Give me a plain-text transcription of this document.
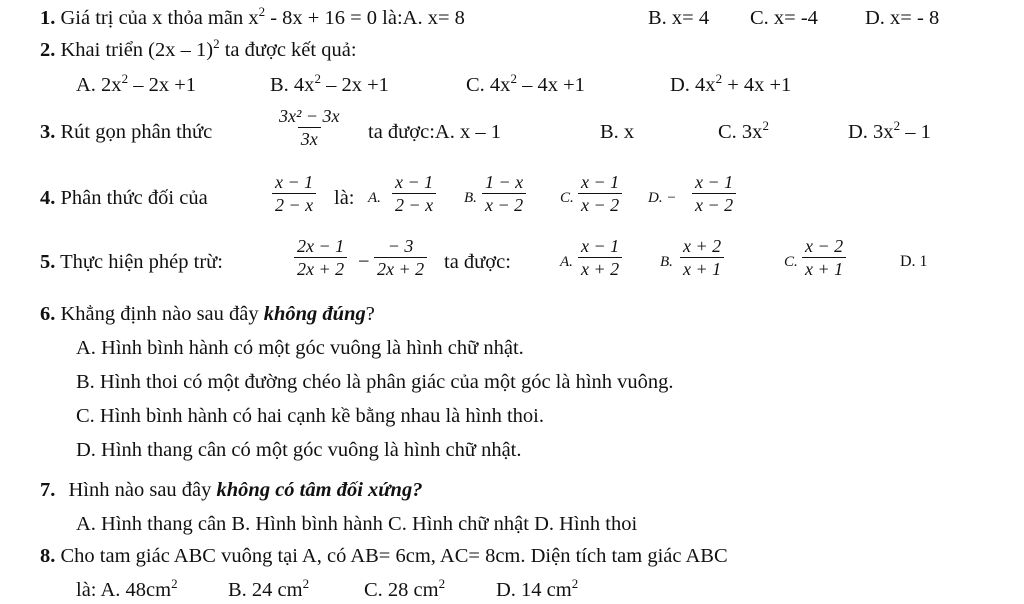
1. Giá trị của x thỏa mãn $x^2 - 8x + 16 = 0$ là:A. x= 8	B. x= 4 C. x= -4 D. x= - 8
2. Khai triển (2x – 1)$^2$ ta được kết quả:
A. $2x^2 - 2x +1$	B. $4x^2 - 2x +1$	C. $4x^2 - 4x +1$	D. $4x^2 + 4x +1$
3. Rút gọn phân thức	$\frac{\text{3x² − 3x}}{3x}$ ta được:A. x – 1	B. x	C. $3x^2$	D. $3x^2 - 1$
4. Phân thức đối của	$\frac{x - 1}{2 - x}$ là: A. $\frac{x - 1}{2 - x} B$. $\frac{1 - x}{x - 2} C$. $\frac{x - 1}{x - 2} D$. − $\frac{x - 1}{x - 2}$
5. Thực hiện phép trừ:	$\frac{2x - 1}{2x + 2} - \frac{- 3}{2x + 2}$ ta được:	A. $\frac{x - 1}{x + 2}$	B. $\frac{x + 2}{x + 1}$	C. $\frac{x - 2}{x + 1}$	D. 1
6. Khẳng định nào sau đây không đúng?
A. Hình bình hành có một góc vuông là hình chữ nhật.
B. Hình thoi có một đường chéo là phân giác của một góc là hình vuông.
C. Hình bình hành có hai cạnh kề bằng nhau là hình thoi.
D. Hình thang cân có một góc vuông là hình chữ nhật.
7. Hình nào sau đây không có tâm đối xứng?
A. Hình thang cân B. Hình bình hành C. Hình chữ nhật D. Hình thoi
8. Cho tam giác ABC vuông tại A, có AB= 6cm, AC= 8cm. Diện tích tam giác ABC
là: A. $48cm^2$ B. 24 $cm^2$	C. 28 $cm^2$ D. 14 $cm^2$
